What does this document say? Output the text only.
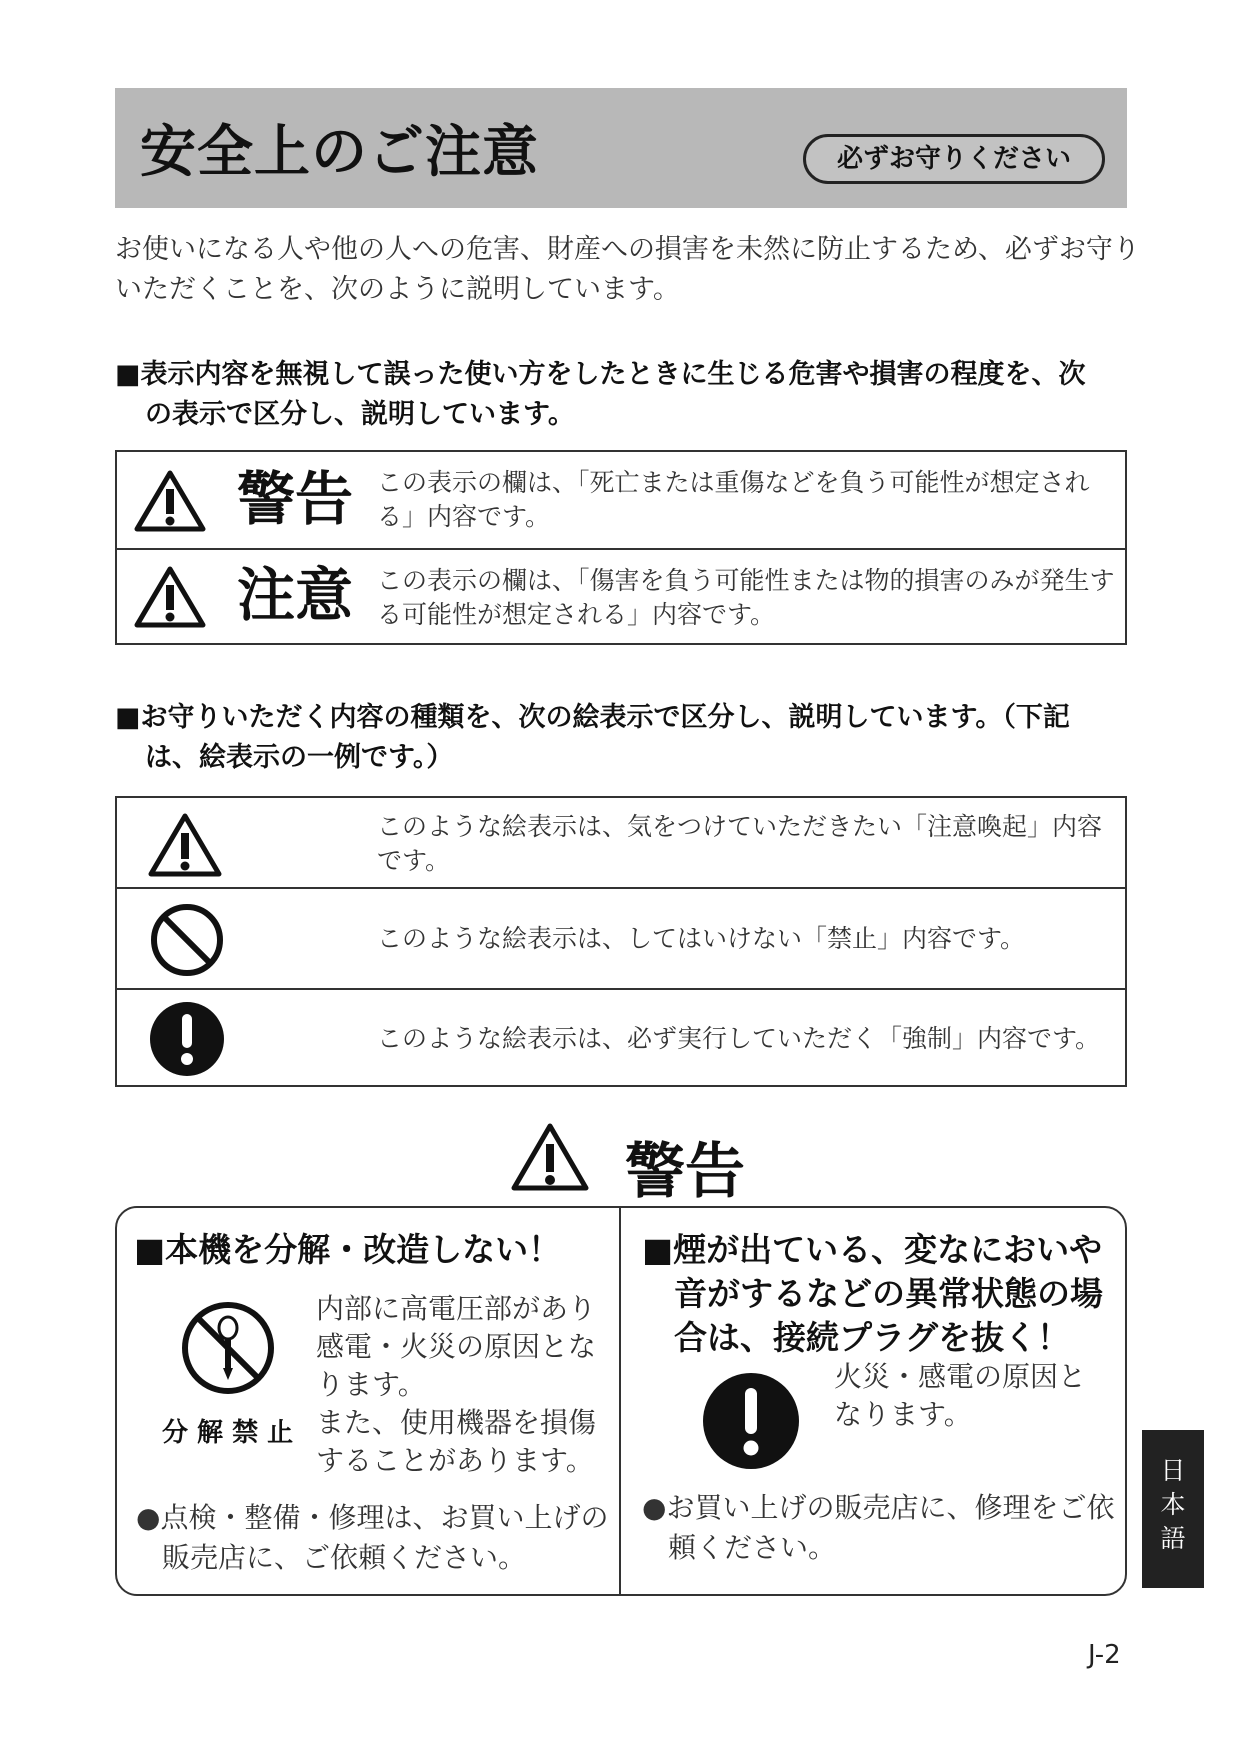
安全上のご注意	必ずお守りください
お使いになる人や他の人への危害、財産への損害を未然に防止するため、必ずお守りいただくことを、次のように説明しています。
■表示内容を無視して誤った使い方をしたときに生じる危害や損害の程度を、次
の表示で区分し、説明しています。
警告 この表示の欄は、「死亡または重傷などを負う可能性が想定される」内容です。
注意 この表示の欄は、「傷害を負う可能性または物的損害のみが発生する可能性が想定される」内容です。
■お守りいただく内容の種類を、次の絵表示で区分し、説明しています。（下記
は、絵表示の一例です。）
このような絵表示は、気をつけていただきたい「注意喚起」内容です。
このような絵表示は、してはいけない「禁止」内容です。
このような絵表示は、必ず実行していただく「強制」内容です。
警告
■本機を分解・改造しない！
分 解 禁 止
内部に高電圧部があり感電・火災の原因となります。
また、使用機器を損傷することがあります。
●点検・整備・修理は、お買い上げの販売店に、ご依頼ください。
■煙が出ている、変なにおいや
音がするなどの異常状態の場
合は、接続プラグを抜く！
火災・感電の原因となります。
●お買い上げの販売店に、修理をご依頼ください。
日
本
語
J-2
